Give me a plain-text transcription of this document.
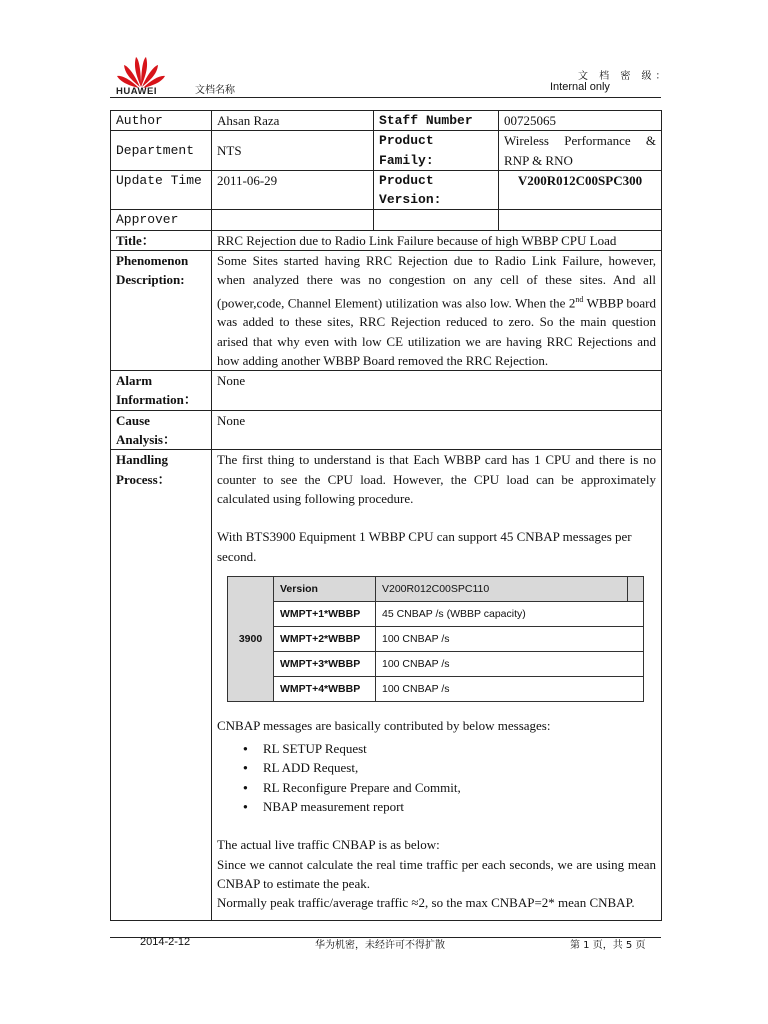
HUAWEI	文档名称
文 档 密 级：
Internal only
Author	Ahsan Raza	Staff Number	00725065
Department	NTS	Product Family:	Wireless Performance & RNP & RNO
Update Time	2011-06-29	Product Version:	V200R012C00SPC300
Approver			
Title：	RRC Rejection due to Radio Link Failure because of high WBBP CPU Load
Phenomenon Description:	Some Sites started having RRC Rejection due to Radio Link Failure, however, when analyzed there was no congestion on any cell of these sites. And all (power,code, Channel Element) utilization was also low. When the 2nd WBBP board was added to these sites, RRC Rejection reduced to zero. So the main question arised that why even with low CE utilization we are having RRC Rejections and how adding another WBBP Board removed the RRC Rejection.
Alarm Information：	None
Cause Analysis：	None
Handling Process：	

The first thing to understand is that Each WBBP card has 1 CPU and there is no counter to see the CPU load. However, the CPU load can be approximately calculated using following procedure.

With BTS3900 Equipment 1 WBBP CPU can support 45 CNBAP messages per second.

3900	Version	V200R012C00SPC110	
WMPT+1*WBBP	45 CNBAP /s (WBBP capacity)
WMPT+2*WBBP	100 CNBAP /s
WMPT+3*WBBP	100 CNBAP /s
WMPT+4*WBBP	100 CNBAP /s

CNBAP messages are basically contributed by below messages:

● RL SETUP Request
● RL ADD Request,
● RL Reconfigure Prepare and Commit,
● NBAP measurement report

The actual live traffic CNBAP is as below:

Since we cannot calculate the real time traffic per each seconds, we are using mean CNBAP to estimate the peak.

Normally peak traffic/average traffic ≈2, so the max CNBAP=2* mean CNBAP.

2014-2-12	华为机密，未经许可不得扩散	第 1 页，共 5 页
